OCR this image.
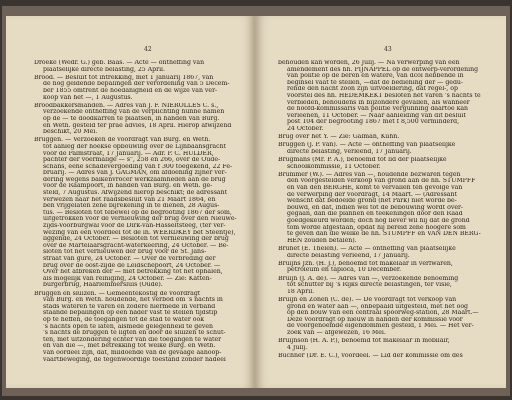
42
Droeke (Wedr. G.) geb. Baas. — Acte — ontheffing van
plaatselijke directe belasting, 25 April.
Brood. — Besluit tot intrekking, met 1 Januarij 1867, van
de nog geldende bepalingen der verordening van 5 Decem-
ber 1855 omtrent de hoedanigheid en de wijze van ver-
koop van het —, 1 Augustus.
Broodbakkersmanden. — Adres van J. F. NIEROLLES C. s.,
verzoekende ontheffing van de verplichting hunne namen
op de — te doodkarren te plaatsen, in handen van Burg.
en Weth. gesteld ter prae advies, 18 April. Hierop afwijzend
beschikt, 20 Mei.
Bruggen. — Verzoeken de voordragt van Burg. en Weth.
tot aanleg der hoekse opbouwing over de Lijnbaansgracht
voor de Palmstraat, 17 Januarij. — Adr. P. C. HULDER,
pachter der voermalige — s", 258 en 266, over de Oude-
schans, eene schadevergoeding van f 300 toegekend, 22 Fe-
bruarij. — Adres van J. GAGMAN, om afdoening zijner ver-
dering wegens balkenvrocer werkzaamheden aan de brug
voor de Raampoort, in handen van Burg. en Weth. ge-
steld, 7 Augustus. Afwijzend hierop beschikt; de adressant
verwezen naar het raadsbesluit van 21 Maart 1864, en
ben vrijgelaten zene bijrekening in te dienen, 28 Augus-
tus. — Besloten tot tebewel op de begrooting 1867 der som,
uitgetrokken voor de vernieuwing der brug over den Nieuwe-
zijds-Voorburgwal voor de Dirk-van-Hasseltsteeg, (ter ver-
wezing van een voordeel tot de in. WEERDKEY bet Steentje),
liggende, 24 October. — Besloten tot vernieuwing der brug
over de Martelaarsgracht-waterkeering, 24 October. — Be-
sloten tot het vernieuwen der brug voor de St. Jans-
straat van gure, 24 October. — Over de verbreding der
brug over de oost-zijde de Leidschepoort, 24 October. —
Over het afbreken der — met betrekking tot het ophalen,
als mogelijk van reiniging, 24 October. — Zie: Katten-
burgerbrug, Haarlemmersluis (Oude).
Bruggen en sluizen. — Gemeentekostig de voordragt
van Burg. en Weth. houdende, het verbod om 's nachts in
stads wateren te varen en zodere hiermede in verband
staande bepalingen op een nader vast te stellen tijdstip
op te heffen, de toegangen tot de stad te water ook
's nachts open te laten, alsmede gelegenheid te geven
's nachts de bruggen te ligten en door de sluizen te schut-
ten, met uitzondering echter van die toegangen te water
en van die —, met betrekking tot welke Burg. en Weth.
van oordeel zijn, dat, mildoende van de gevaage aanoop-
vaartbeweging, de tegenwoordige toestand zonder nadeel
43
behouden kan worden, 26 Julij. — Na verwerping van een
amendement des hh. PIJNAPPEL op de ontwerp-verordening
van politie op de beren en watere, van dcol hebbende in
beginsel vaat te stellen, —dat de bediening der — gedu-
rende den nacht zoon zijn uitvoeldering, dat regel-, op
voorstel des hh. HEDEMKEKT besloten het varen 's nachts te
verbieden, behoudens in bijzondere gevallen, als wanneer
de hoofd-kommissaris van politie vergunning daartoe kan
verleenen, 11 October. — Naar aanleiding van dit besluit
post 104 der begrooting 1867 met f 8,500 verminderd,
24 October.
Brug over het Y. — Zie: Galman, Kuhn.
Bruggen (J. P. van). — Acte — ontheffing van plaatselijke
directe belasting, verleend, 17 Januarij.
Brugmans (Mr. P. A.), benoemd tot lid der plaatselijke
schoolkommissie, 11 October.
Brummer (W.). — Adres van —, houdende bezwaren tegen
den voorgestelden verkoop van grond aan de hh. STUMPFF
en van den BERGHE, komt te vervallen ten gevolge van
de verwerping der voordragt, 14 Maart. — (Adressant
wenscht dat bedoelde grond (het Park) niet worde be-
bouwd, en dat, indien wel tot de bebouwing wordt over-
gegaan, dan die plannen en teekeningen door den Raad
goedgekeurd worden; doch nog liever wil hij dat de grond
tom worde afgestaan, opdat hij bereid zene hoogere som
te geven dan die welke de hh. STUMPFF en VAN DEN BERG-
HEN zouden betalen).
Brunet (E. Thelen). — Acte — ontheffing van plaatselijke
directe belasting verleend, 17 Januarij.
Bruijns Jzn. (H. J.), benoemd tot makelaar in verfwaren,
petroleum en tapioca, 10 December.
Bruijn (J. A. de). — Adres van —, verzoekende benoeming
tot schutter bij 's Rijks directe belastingen, ter visie,
18 April.
Bruijn en Zonen (C. de). — De voordragt tot verkoop van
grond en water aan —, onbepaald uitgesteld, met het oog
op den bouw van een centraal spoorweg-station, 28 Maart.—
Deze voordragt op nieuw in handen der kommissie voor
de voorgenoemde eigendommen gesteld, 1 Mei. — Het ver-
zoek van — afgewezen, 16 Mei.
Bruijnson (H. A. P.), benoemd tot makelaar in mobilair,
4 Julij.
Büchner (Dr. E. C.), voordeel. — Lid der kommissie om des
